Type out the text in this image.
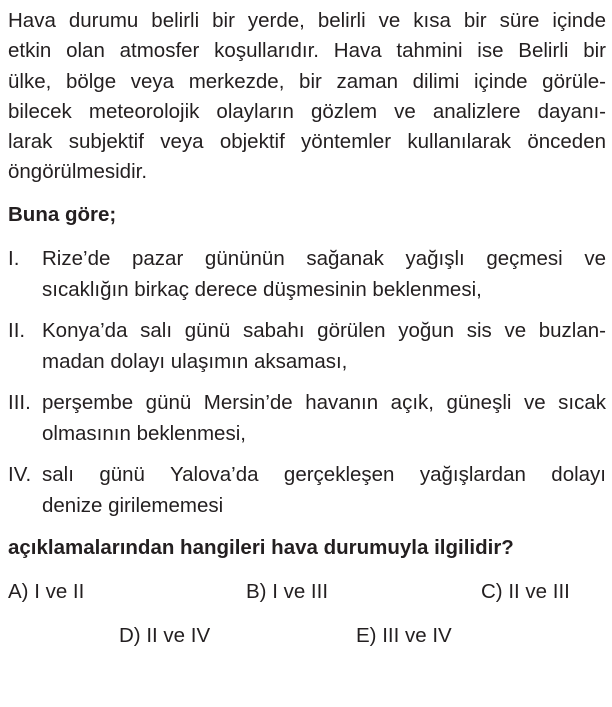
Hava durumu belirli bir yerde, belirli ve kısa bir süre içinde
etkin olan atmosfer koşullarıdır. Hava tahmini ise Belirli bir
ülke, bölge veya merkezde, bir zaman dilimi içinde görüle-
bilecek meteorolojik olayların gözlem ve analizlere dayanı-
larak subjektif veya objektif yöntemler kullanılarak önceden
öngörülmesidir.

Buna göre;

I.	Rize’de pazar gününün sağanak yağışlı geçmesi ve
sıcaklığın birkaç derece düşmesinin beklenmesi,
II. Konya’da salı günü sabahı görülen yoğun sis ve buzlan-
madan dolayı ulaşımın aksaması,
III. perşembe günü Mersin’de havanın açık, güneşli ve sıcak
olmasının beklenmesi,
IV. salı günü Yalova’da gerçekleşen yağışlardan dolayı
denize girilememesi

açıklamalarından hangileri hava durumuyla ilgilidir?

A) I ve II	B) I ve III	C) II ve III
D) II ve IV	E) III ve IV
